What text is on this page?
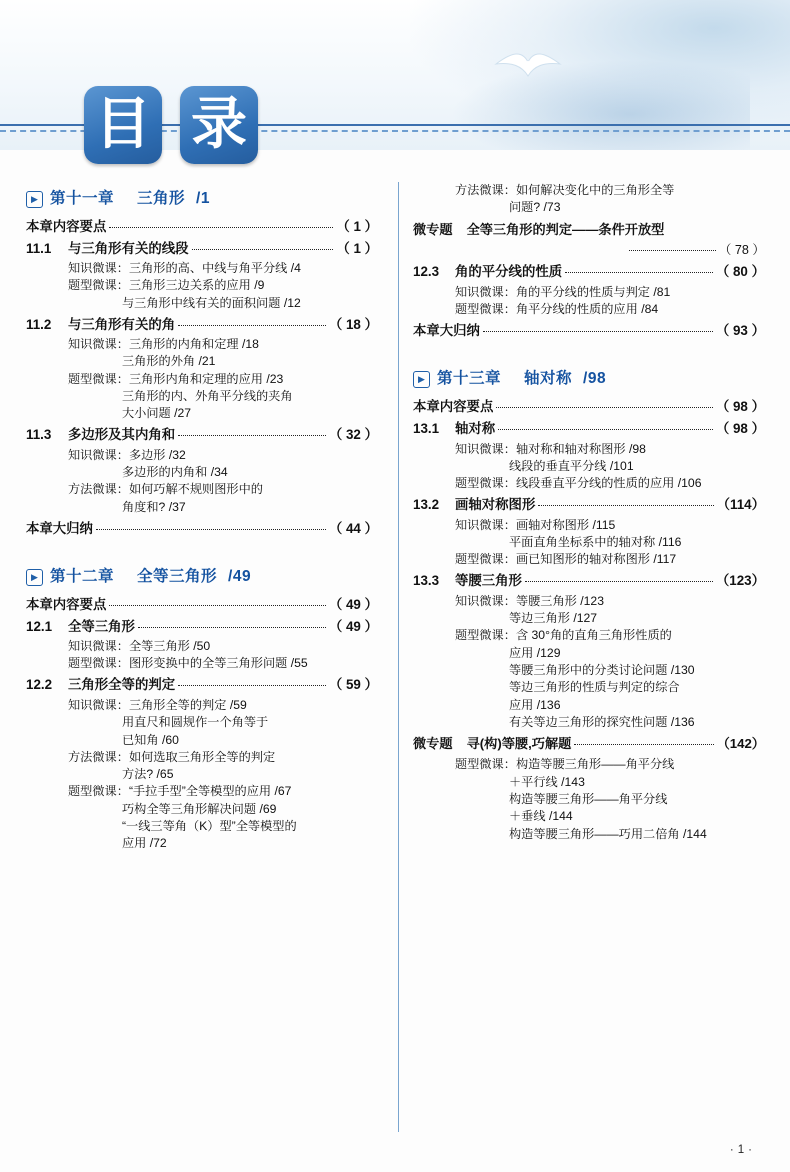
目 录
▶ 第十一章 三角形 /1
本章内容要点	（ 1 ）
11.1	与三角形有关的线段	（ 1 ）
知识微课： 三角形的高、中线与角平分线 /4
题型微课： 三角形三边关系的应用 /9
与三角形中线有关的面积问题 /12
11.2	与三角形有关的角	（ 18 ）
知识微课： 三角形的内角和定理 /18
三角形的外角 /21
题型微课： 三角形内角和定理的应用 /23
三角形的内、外角平分线的夹角
大小问题 /27
11.3	多边形及其内角和	（ 32 ）
知识微课： 多边形 /32
多边形的内角和 /34
方法微课： 如何巧解不规则图形中的
角度和? /37
本章大归纳	（ 44 ）
▶ 第十二章 全等三角形 /49
本章内容要点	（ 49 ）
12.1	全等三角形	（ 49 ）
知识微课： 全等三角形 /50
题型微课： 图形变换中的全等三角形问题 /55
12.2	三角形全等的判定	（ 59 ）
知识微课： 三角形全等的判定 /59
用直尺和圆规作一个角等于
已知角 /60
方法微课： 如何选取三角形全等的判定
方法? /65
题型微课： “手拉手型”全等模型的应用 /67
巧构全等三角形解决问题 /69
“一线三等角（K）型”全等模型的
应用 /72
方法微课： 如何解决变化中的三角形全等
问题? /73
微专题 全等三角形的判定——条件开放型
（ 78 ）
12.3	角的平分线的性质	（ 80 ）
知识微课： 角的平分线的性质与判定 /81
题型微课： 角平分线的性质的应用 /84
本章大归纳	（ 93 ）
▶ 第十三章 轴对称 /98
本章内容要点	（ 98 ）
13.1	轴对称	（ 98 ）
知识微课： 轴对称和轴对称图形 /98
线段的垂直平分线 /101
题型微课： 线段垂直平分线的性质的应用 /106
13.2	画轴对称图形	（114）
知识微课： 画轴对称图形 /115
平面直角坐标系中的轴对称 /116
题型微课： 画已知图形的轴对称图形 /117
13.3	等腰三角形	（123）
知识微课： 等腰三角形 /123
等边三角形 /127
题型微课： 含 30°角的直角三角形性质的
应用 /129
等腰三角形中的分类讨论问题 /130
等边三角形的性质与判定的综合
应用 /136
有关等边三角形的探究性问题 /136
微专题 寻(构)等腰,巧解题	（142）
题型微课： 构造等腰三角形——角平分线
＋平行线 /143
构造等腰三角形——角平分线
＋垂线 /144
构造等腰三角形——巧用二倍角 /144
· 1 ·
